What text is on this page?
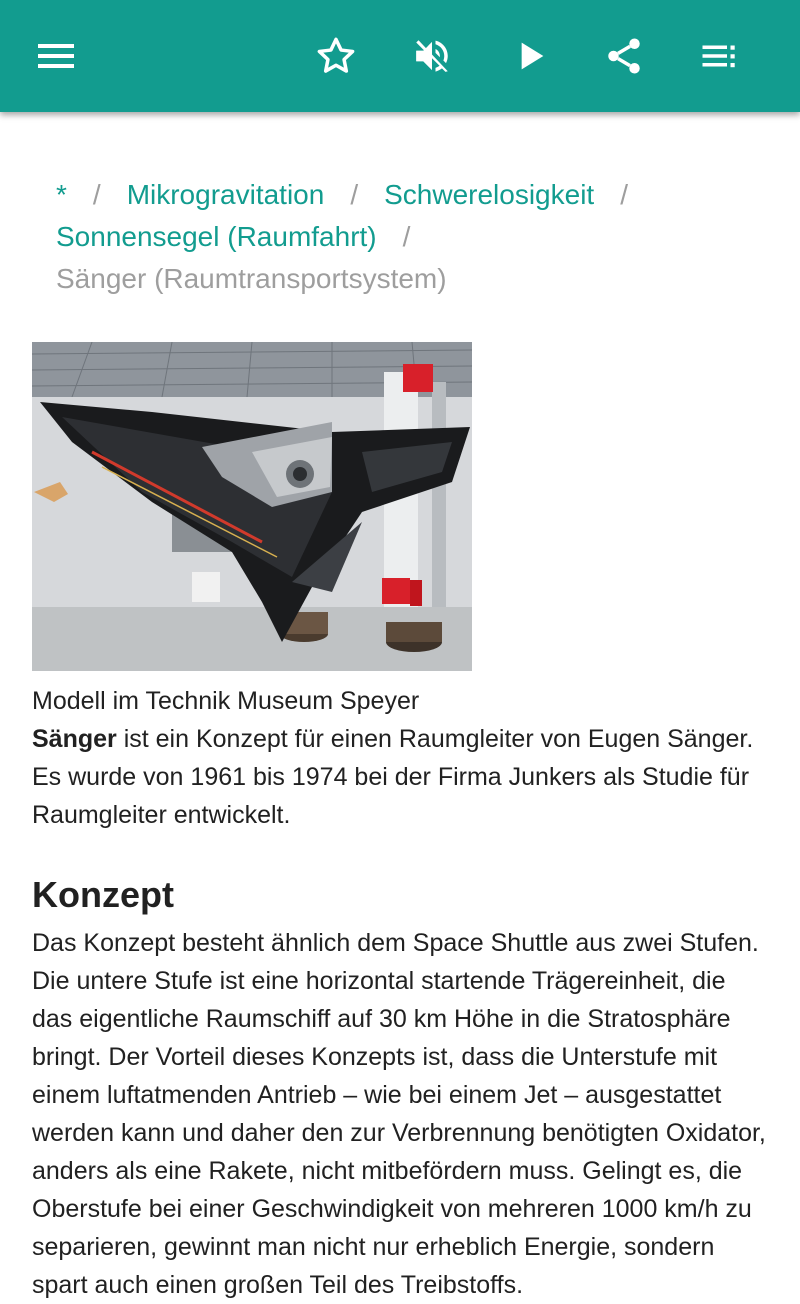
* / Mikrogravitation / Schwerelosigkeit /
Sonnensegel (Raumfahrt) /
Sänger (Raumtransportsystem)
Modell im Technik Museum Speyer

Sänger ist ein Konzept für einen Raumgleiter von Eugen Sänger. Es wurde von 1961 bis 1974 bei der Firma Junkers als Studie für Raumgleiter entwickelt.

Konzept

Das Konzept besteht ähnlich dem Space Shuttle aus zwei Stufen. Die untere Stufe ist eine horizontal startende Trägereinheit, die das eigentliche Raumschiff auf 30 km Höhe in die Stratosphäre bringt. Der Vorteil dieses Konzepts ist, dass die Unterstufe mit einem luftatmenden Antrieb – wie bei einem Jet – ausgestattet werden kann und daher den zur Verbrennung benötigten Oxidator, anders als eine Rakete, nicht mitbefördern muss. Gelingt es, die Oberstufe bei einer Geschwindigkeit von mehreren 1000 km/h zu separieren, gewinnt man nicht nur erheblich Energie, sondern spart auch einen großen Teil des Treibstoffs.
